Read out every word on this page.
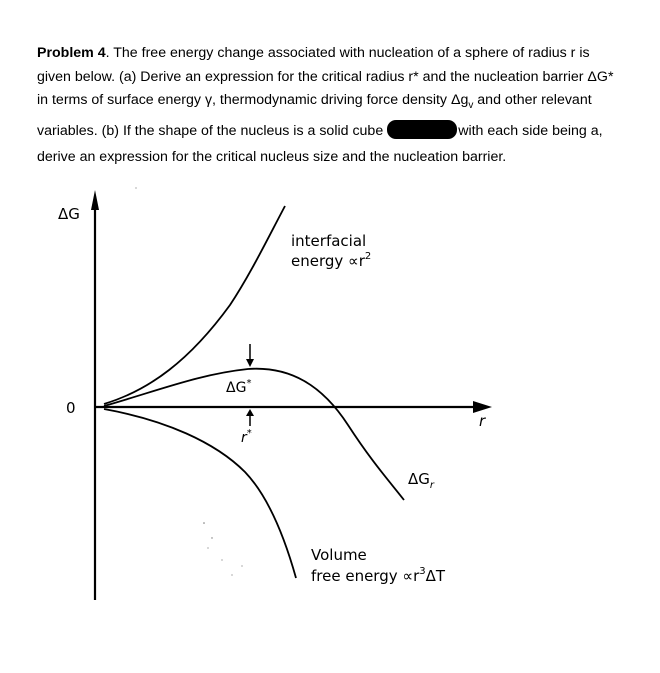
Problem 4. The free energy change associated with nucleation of a sphere of radius r is

given below. (a) Derive an expression for the critical radius r* and the nucleation barrier ΔG*

in terms of surface energy γ, thermodynamic driving force density $\Delta g_v$ and other relevant

variables. (b) If the shape of the nucleus is a solid cube	with each side being a,

derive an expression for the critical nucleus size and the nucleation barrier.

ΔG
0
r
interfacial
energy $\propto r^2$
ΔG*
r*
$\Delta G_r$
Volume
free energy $\propto r^3\Delta T$
